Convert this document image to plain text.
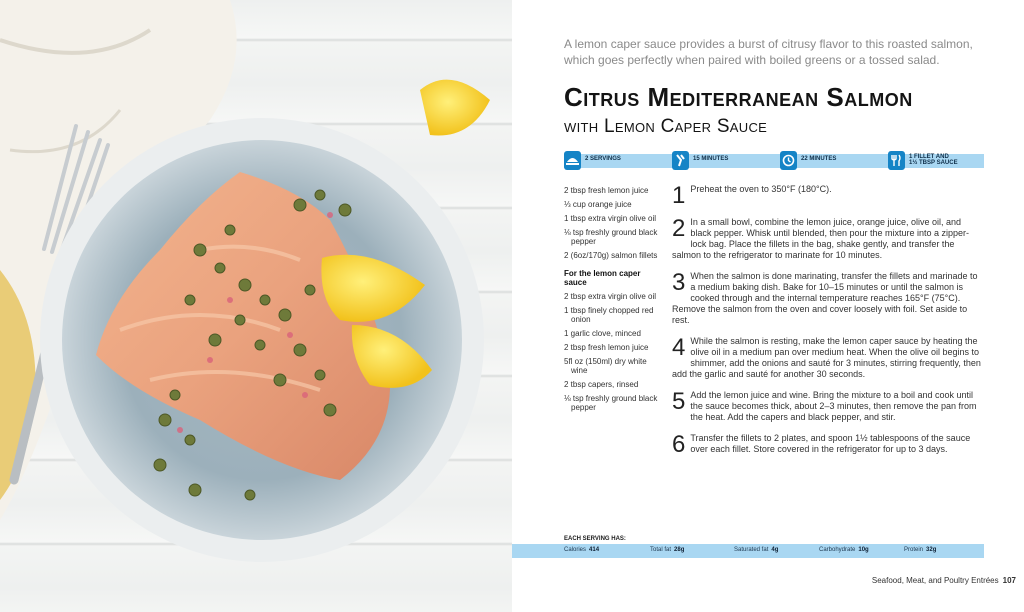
A lemon caper sauce provides a burst of citrusy flavor to this roasted salmon, which goes perfectly when paired with boiled greens or a tossed salad.

Citrus Mediterranean Salmon
with Lemon Caper Sauce
2 SERVINGS	15 MINUTES	22 MINUTES	1 FILLET AND
1½ TBSP SAUCE
2 tbsp fresh lemon juice
⅓ cup orange juice
1 tbsp extra virgin olive oil
⅛ tsp freshly ground black pepper
2 (6oz/170g) salmon fillets
For the lemon caper sauce
2 tbsp extra virgin olive oil
1 tbsp finely chopped red onion
1 garlic clove, minced
2 tbsp fresh lemon juice
5fl oz (150ml) dry white wine
2 tbsp capers, rinsed
⅛ tsp freshly ground black pepper
1 Preheat the oven to 350°F (180°C).
2 In a small bowl, combine the lemon juice, orange juice, olive oil, and black pepper. Whisk until blended, then pour the mixture into a zipper-lock bag. Place the fillets in the bag, shake gently, and transfer the salmon to the refrigerator to marinate for 10 minutes.
3 When the salmon is done marinating, transfer the fillets and marinade to a medium baking dish. Bake for 10–15 minutes or until the salmon is cooked through and the internal temperature reaches 165°F (75°C). Remove the salmon from the oven and cover loosely with foil. Set aside to rest.
4 While the salmon is resting, make the lemon caper sauce by heating the olive oil in a medium pan over medium heat. When the olive oil begins to shimmer, add the onions and sauté for 3 minutes, stirring frequently, then add the garlic and sauté for another 30 seconds.
5 Add the lemon juice and wine. Bring the mixture to a boil and cook until the sauce becomes thick, about 2–3 minutes, then remove the pan from the heat. Add the capers and black pepper, and stir.
6 Transfer the fillets to 2 plates, and spoon 1½ tablespoons of the sauce over each fillet. Store covered in the refrigerator for up to 3 days.
EACH SERVING HAS:
Calories 414	Total fat 28g	Saturated fat 4g	Carbohydrate 10g	Protein 32g
Seafood, Meat, and Poultry Entrées 107
